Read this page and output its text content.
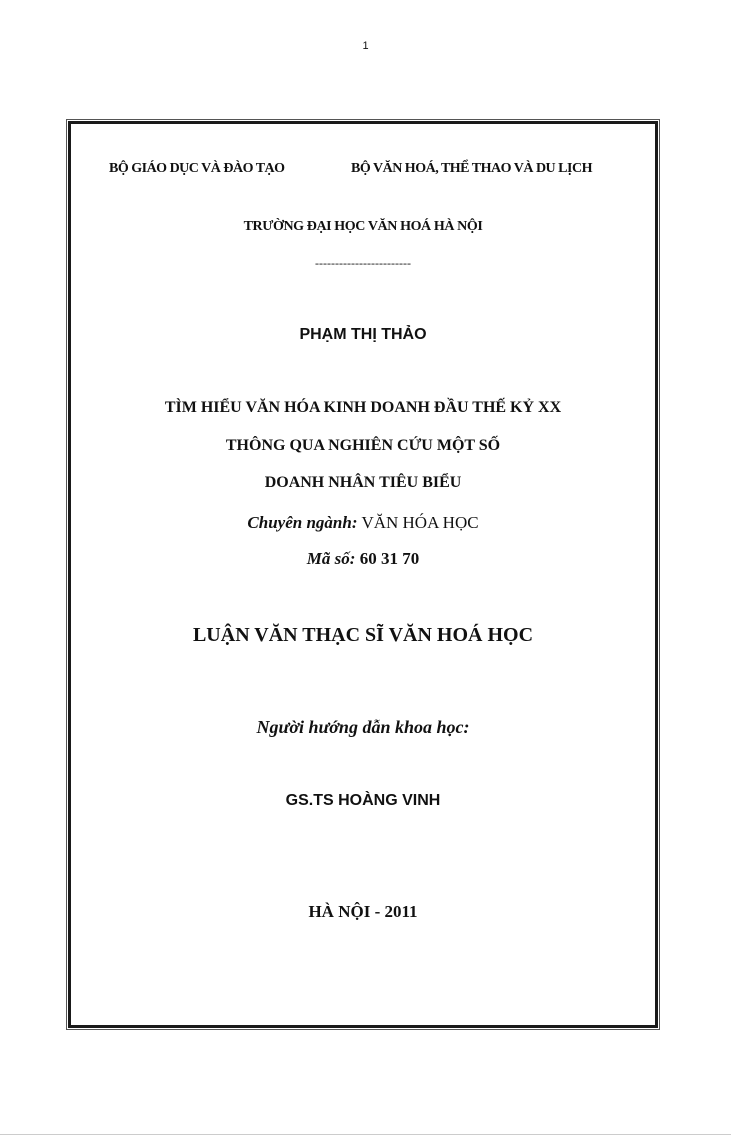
1
BỘ GIÁO DỤC VÀ ĐÀO TẠO	BỘ VĂN HOÁ, THỂ THAO VÀ DU LỊCH
TRƯỜNG ĐẠI HỌC VĂN HOÁ HÀ NỘI
------------------------
PHẠM THỊ THẢO
TÌM HIỂU VĂN HÓA KINH DOANH ĐẦU THẾ KỶ XX
THÔNG QUA NGHIÊN CỨU MỘT SỐ
DOANH NHÂN TIÊU BIỂU
Chuyên ngành: VĂN HÓA HỌC
Mã số: 60 31 70
LUẬN VĂN THẠC SĨ VĂN HOÁ HỌC
Người hướng dẫn khoa học:
GS.TS HOÀNG VINH
HÀ NỘI - 2011
